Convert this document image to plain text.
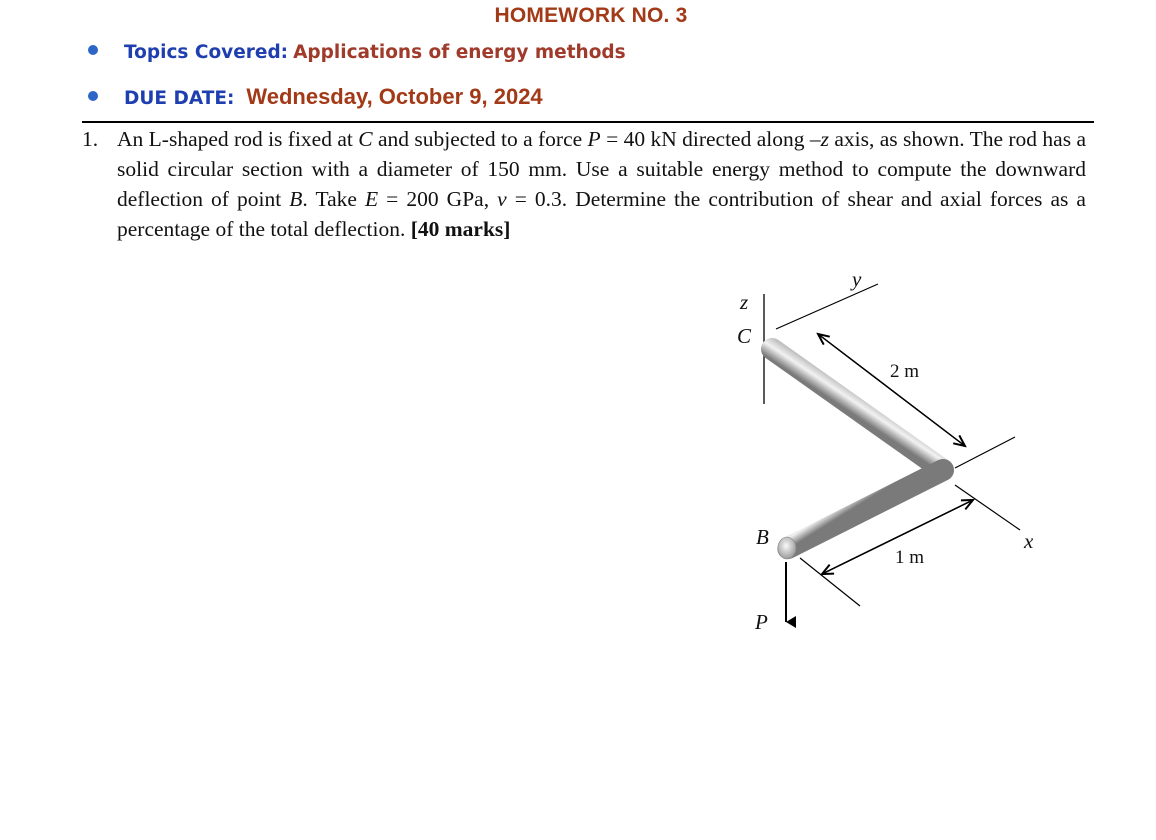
HOMEWORK NO. 3
Topics Covered: Applications of energy methods
DUE DATE: Wednesday, October 9, 2024
1. An L-shaped rod is fixed at C and subjected to a force P = 40 kN directed along –z axis, as shown. The rod has a solid circular section with a diameter of 150 mm. Use a suitable energy method to compute the downward deflection of point B. Take E = 200 GPa, ν = 0.3. Determine the contribution of shear and axial forces as a percentage of the total deflection. [40 marks]
z
C
y
x
B
P
2 m
1 m
